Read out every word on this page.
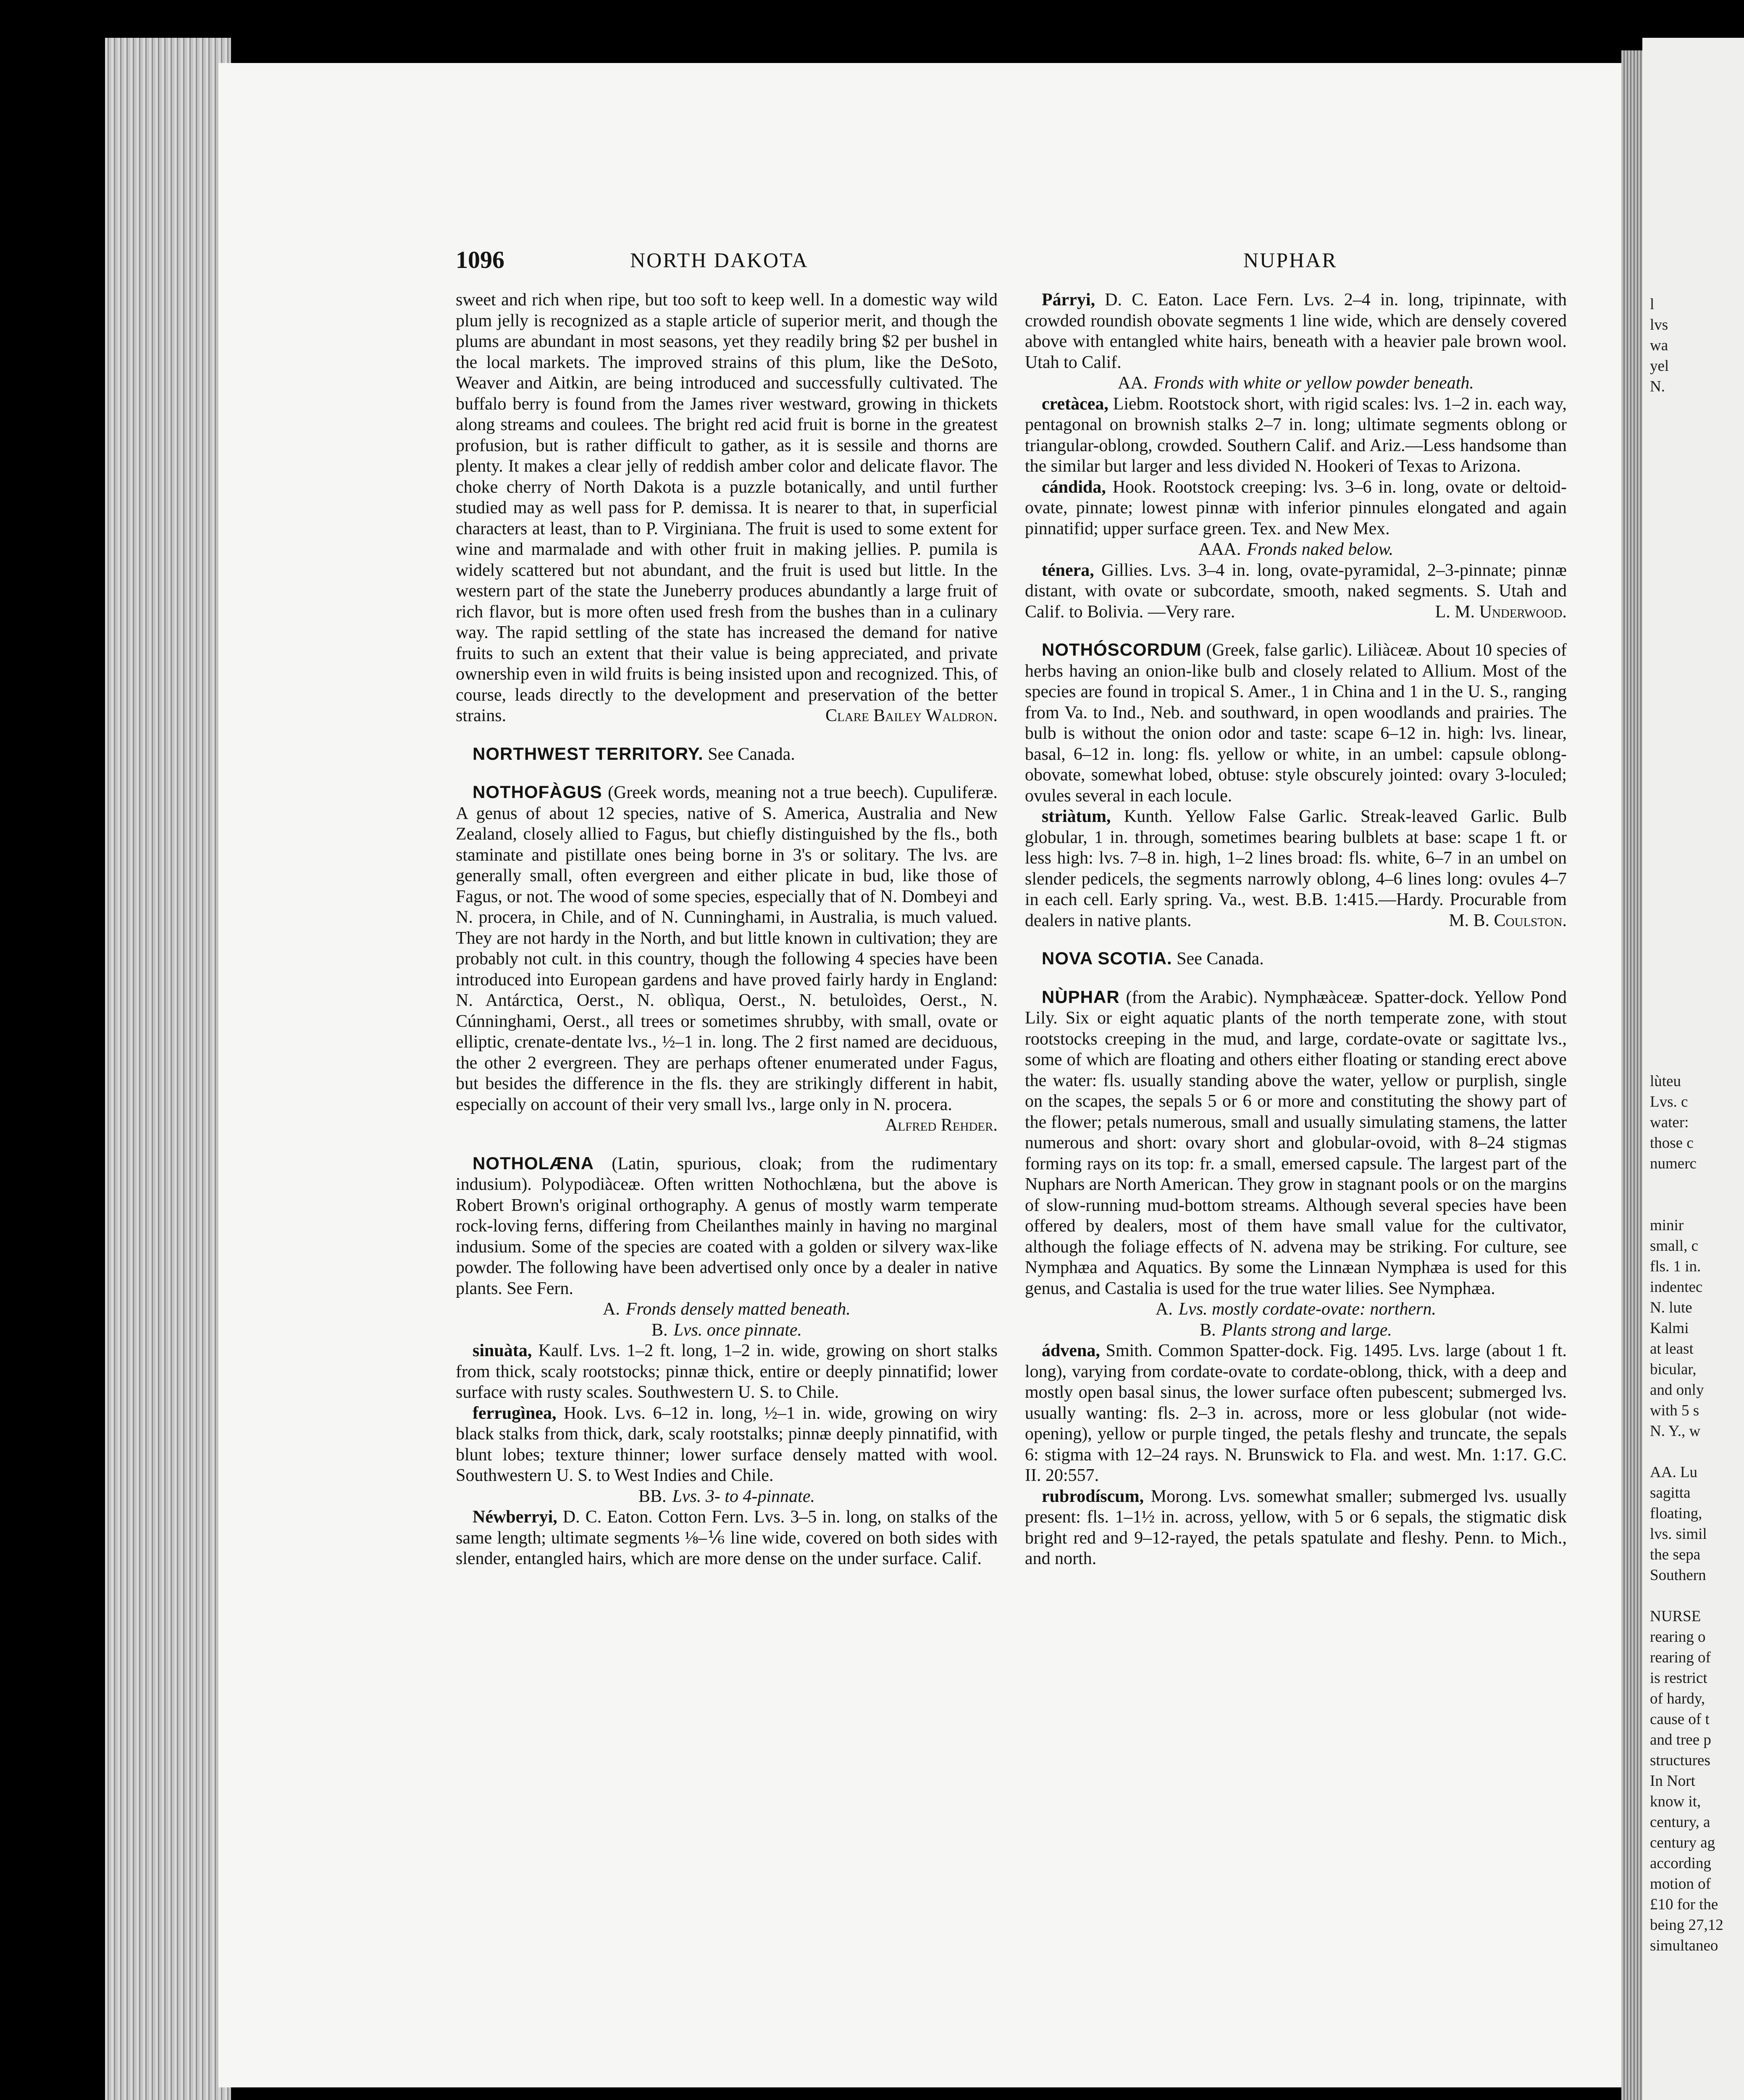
l
lvs
wa
yel
N.
lùteu
Lvs. c
water:
those c
numerc

minir
small, c
fls. 1 in.
indentec
N. lute
Kalmi
at least
bicular,
and only
with 5 s
N. Y., w

AA. Lu
sagitta
floating,
lvs. simil
the sepa
Southern

NURSE
rearing o
rearing of
is restrict
of hardy,
cause of t
and tree p
structures
In Nort
know it,
century, a
century ag
according
motion of
£10 for the
being 27,12
simultaneo
1096	NORTH DAKOTA	NUPHAR

sweet and rich when ripe, but too soft to keep well. In a domestic way wild plum jelly is recognized as a staple article of superior merit, and though the plums are abundant in most seasons, yet they readily bring $2 per bushel in the local markets. The improved strains of this plum, like the DeSoto, Weaver and Aitkin, are being introduced and successfully cultivated. The buffalo berry is found from the James river westward, growing in thickets along streams and coulees. The bright red acid fruit is borne in the greatest profusion, but is rather difficult to gather, as it is sessile and thorns are plenty. It makes a clear jelly of reddish amber color and delicate flavor. The choke cherry of North Dakota is a puzzle botanically, and until further studied may as well pass for P. demissa. It is nearer to that, in superficial characters at least, than to P. Virginiana. The fruit is used to some extent for wine and marmalade and with other fruit in making jellies. P. pumila is widely scattered but not abundant, and the fruit is used but little. In the western part of the state the Juneberry produces abundantly a large fruit of rich flavor, but is more often used fresh from the bushes than in a culinary way. The rapid settling of the state has increased the demand for native fruits to such an extent that their value is being appreciated, and private ownership even in wild fruits is being insisted upon and recognized. This, of course, leads directly to the development and preservation of the better strains.	Clare Bailey Waldron.

NORTHWEST TERRITORY. See Canada.

NOTHOFÀGUS (Greek words, meaning not a true beech). Cupuliferæ. A genus of about 12 species, native of S. America, Australia and New Zealand, closely allied to Fagus, but chiefly distinguished by the fls., both staminate and pistillate ones being borne in 3's or solitary. The lvs. are generally small, often evergreen and either plicate in bud, like those of Fagus, or not. The wood of some species, especially that of N. Dombeyi and N. procera, in Chile, and of N. Cunninghami, in Australia, is much valued. They are not hardy in the North, and but little known in cultivation; they are probably not cult. in this country, though the following 4 species have been introduced into European gardens and have proved fairly hardy in England: N. Antárctica, Oerst., N. oblìqua, Oerst., N. betuloìdes, Oerst., N. Cúnninghami, Oerst., all trees or sometimes shrubby, with small, ovate or elliptic, crenate-dentate lvs., ½–1 in. long. The 2 first named are deciduous, the other 2 evergreen. They are perhaps oftener enumerated under Fagus, but besides the difference in the fls. they are strikingly different in habit, especially on account of their very small lvs., large only in N. procera.
Alfred Rehder.

NOTHOLÆNA (Latin, spurious, cloak; from the rudimentary indusium). Polypodiàceæ. Often written Nothochlæna, but the above is Robert Brown's original orthography. A genus of mostly warm temperate rock-loving ferns, differing from Cheilanthes mainly in having no marginal indusium. Some of the species are coated with a golden or silvery wax-like powder. The following have been advertised only once by a dealer in native plants. See Fern.

A. Fronds densely matted beneath.

B. Lvs. once pinnate.

sinuàta, Kaulf. Lvs. 1–2 ft. long, 1–2 in. wide, growing on short stalks from thick, scaly rootstocks; pinnæ thick, entire or deeply pinnatifid; lower surface with rusty scales. Southwestern U. S. to Chile.

ferrugìnea, Hook. Lvs. 6–12 in. long, ½–1 in. wide, growing on wiry black stalks from thick, dark, scaly rootstalks; pinnæ deeply pinnatifid, with blunt lobes; texture thinner; lower surface densely matted with wool. Southwestern U. S. to West Indies and Chile.

BB. Lvs. 3- to 4-pinnate.

Néwberryi, D. C. Eaton. Cotton Fern. Lvs. 3–5 in. long, on stalks of the same length; ultimate segments ⅛–⅙ line wide, covered on both sides with slender, entangled hairs, which are more dense on the under surface. Calif.

Párryi, D. C. Eaton. Lace Fern. Lvs. 2–4 in. long, tripinnate, with crowded roundish obovate segments 1 line wide, which are densely covered above with entangled white hairs, beneath with a heavier pale brown wool. Utah to Calif.

AA. Fronds with white or yellow powder beneath.

cretàcea, Liebm. Rootstock short, with rigid scales: lvs. 1–2 in. each way, pentagonal on brownish stalks 2–7 in. long; ultimate segments oblong or triangular-oblong, crowded. Southern Calif. and Ariz.—Less handsome than the similar but larger and less divided N. Hookeri of Texas to Arizona.

cándida, Hook. Rootstock creeping: lvs. 3–6 in. long, ovate or deltoid-ovate, pinnate; lowest pinnæ with inferior pinnules elongated and again pinnatifid; upper surface green. Tex. and New Mex.

AAA. Fronds naked below.

ténera, Gillies. Lvs. 3–4 in. long, ovate-pyramidal, 2–3-pinnate; pinnæ distant, with ovate or subcordate, smooth, naked segments. S. Utah and Calif. to Bolivia. —Very rare.	L. M. Underwood.

NOTHÓSCORDUM (Greek, false garlic). Liliàceæ. About 10 species of herbs having an onion-like bulb and closely related to Allium. Most of the species are found in tropical S. Amer., 1 in China and 1 in the U. S., ranging from Va. to Ind., Neb. and southward, in open woodlands and prairies. The bulb is without the onion odor and taste: scape 6–12 in. high: lvs. linear, basal, 6–12 in. long: fls. yellow or white, in an umbel: capsule oblong-obovate, somewhat lobed, obtuse: style obscurely jointed: ovary 3-loculed; ovules several in each locule.

striàtum, Kunth. Yellow False Garlic. Streak-leaved Garlic. Bulb globular, 1 in. through, sometimes bearing bulblets at base: scape 1 ft. or less high: lvs. 7–8 in. high, 1–2 lines broad: fls. white, 6–7 in an umbel on slender pedicels, the segments narrowly oblong, 4–6 lines long: ovules 4–7 in each cell. Early spring. Va., west. B.B. 1:415.—Hardy. Procurable from dealers in native plants.	M. B. Coulston.

NOVA SCOTIA. See Canada.

NÙPHAR (from the Arabic). Nymphæàceæ. Spatter-dock. Yellow Pond Lily. Six or eight aquatic plants of the north temperate zone, with stout rootstocks creeping in the mud, and large, cordate-ovate or sagittate lvs., some of which are floating and others either floating or standing erect above the water: fls. usually standing above the water, yellow or purplish, single on the scapes, the sepals 5 or 6 or more and constituting the showy part of the flower; petals numerous, small and usually simulating stamens, the latter numerous and short: ovary short and globular-ovoid, with 8–24 stigmas forming rays on its top: fr. a small, emersed capsule. The largest part of the Nuphars are North American. They grow in stagnant pools or on the margins of slow-running mud-bottom streams. Although several species have been offered by dealers, most of them have small value for the cultivator, although the foliage effects of N. advena may be striking. For culture, see Nymphæa and Aquatics. By some the Linnæan Nymphæa is used for this genus, and Castalia is used for the true water lilies. See Nymphæa.

A. Lvs. mostly cordate-ovate: northern.

B. Plants strong and large.

ádvena, Smith. Common Spatter-dock. Fig. 1495. Lvs. large (about 1 ft. long), varying from cordate-ovate to cordate-oblong, thick, with a deep and mostly open basal sinus, the lower surface often pubescent; submerged lvs. usually wanting: fls. 2–3 in. across, more or less globular (not wide-opening), yellow or purple tinged, the petals fleshy and truncate, the sepals 6: stigma with 12–24 rays. N. Brunswick to Fla. and west. Mn. 1:17. G.C. II. 20:557.

rubrodíscum, Morong. Lvs. somewhat smaller; submerged lvs. usually present: fls. 1–1½ in. across, yellow, with 5 or 6 sepals, the stigmatic disk bright red and 9–12-rayed, the petals spatulate and fleshy. Penn. to Mich., and north.
